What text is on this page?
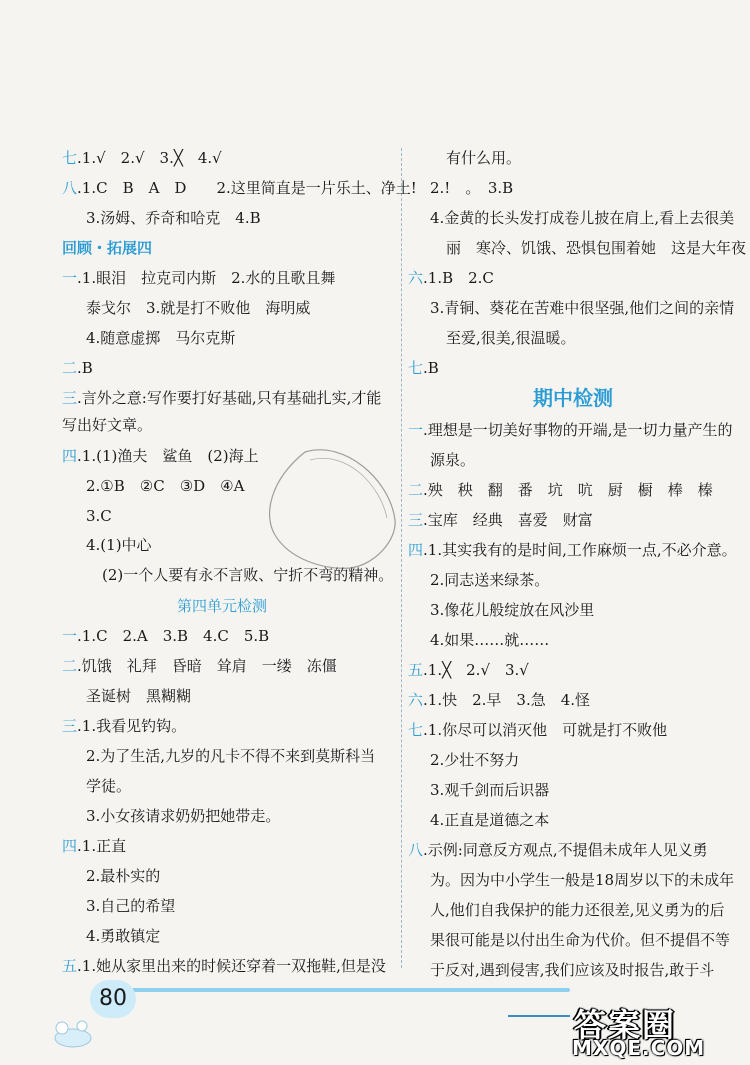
七.1.√　2.√　3.╳　4.√
八.1.C　B　A　D　　2.这里简直是一片乐土、净土!
3.汤姆、乔奇和哈克　4.B
回顾・拓展四
一.1.眼泪　拉克司内斯　2.水的且歌且舞
泰戈尔　3.就是打不败他　海明威
4.随意虚掷　马尔克斯
二.B
三.言外之意:写作要打好基础,只有基础扎实,才能
写出好文章。
四.1.(1)渔夫　鲨鱼　(2)海上
2.①B　②C　③D　④A
3.C
4.(1)中心
(2)一个人要有永不言败、宁折不弯的精神。
第四单元检测
一.1.C　2.A　3.B　4.C　5.B
二.饥饿　礼拜　昏暗　耸肩　一缕　冻僵
圣诞树　黑糊糊
三.1.我看见钓钩。
2.为了生活,九岁的凡卡不得不来到莫斯科当
学徒。
3.小女孩请求奶奶把她带走。
四.1.正直
2.最朴实的
3.自己的希望
4.勇敢镇定
五.1.她从家里出来的时候还穿着一双拖鞋,但是没
有什么用。
2.!　。　3.B
4.金黄的长头发打成卷儿披在肩上,看上去很美
丽　寒冷、饥饿、恐惧包围着她　这是大年夜
六.1.B　2.C
3.青铜、葵花在苦难中很坚强,他们之间的亲情
至爱,很美,很温暖。
七.B
期中检测
一.理想是一切美好事物的开端,是一切力量产生的
源泉。
二.殃　秧　翻　番　坑　吭　厨　橱　棒　榛
三.宝库　经典　喜爱　财富
四.1.其实我有的是时间,工作麻烦一点,不必介意。
2.同志送来绿茶。
3.像花儿般绽放在风沙里
4.如果……就……
五.1.╳　2.√　3.√
六.1.快　2.早　3.急　4.怪
七.1.你尽可以消灭他　可就是打不败他
2.少壮不努力
3.观千剑而后识器
4.正直是道德之本
八.示例:同意反方观点,不提倡未成年人见义勇
为。因为中小学生一般是18周岁以下的未成年
人,他们自我保护的能力还很差,见义勇为的后
果很可能是以付出生命为代价。但不提倡不等
于反对,遇到侵害,我们应该及时报告,敢于斗
80
答案圈
MXQE.COM
